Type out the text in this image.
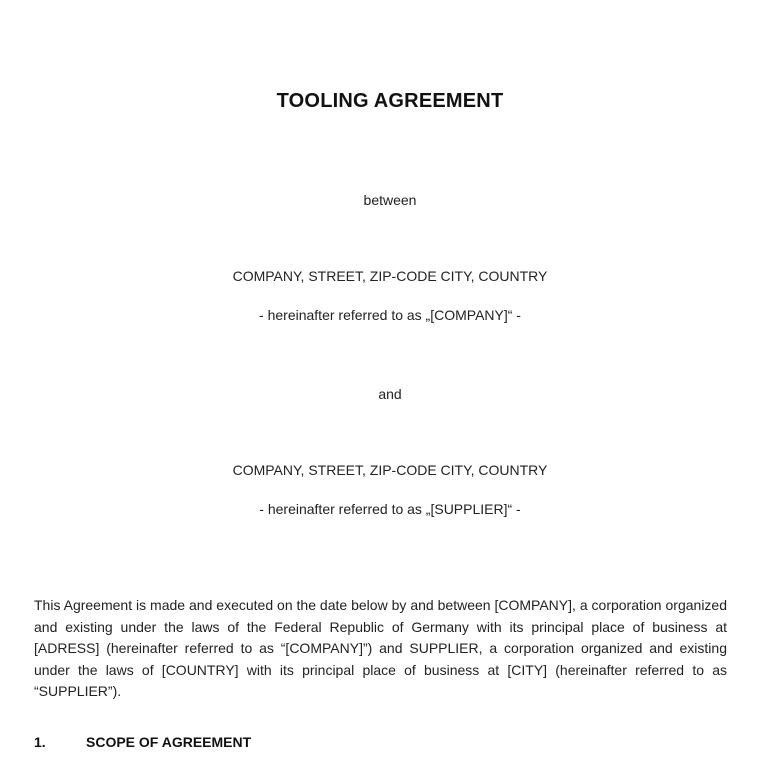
TOOLING AGREEMENT
between
COMPANY, STREET, ZIP-CODE CITY, COUNTRY
- hereinafter referred to as „[COMPANY]“ -
and
COMPANY, STREET, ZIP-CODE CITY, COUNTRY
- hereinafter referred to as „[SUPPLIER]“ -
This Agreement is made and executed on the date below by and between [COMPANY], a corporation organized and existing under the laws of the Federal Republic of Germany with its principal place of business at [ADRESS] (hereinafter referred to as “[COMPANY]”) and SUPPLIER, a corporation organized and existing under the laws of [COUNTRY] with its principal place of business at [CITY] (hereinafter referred to as “SUPPLIER”).
1.	SCOPE OF AGREEMENT
